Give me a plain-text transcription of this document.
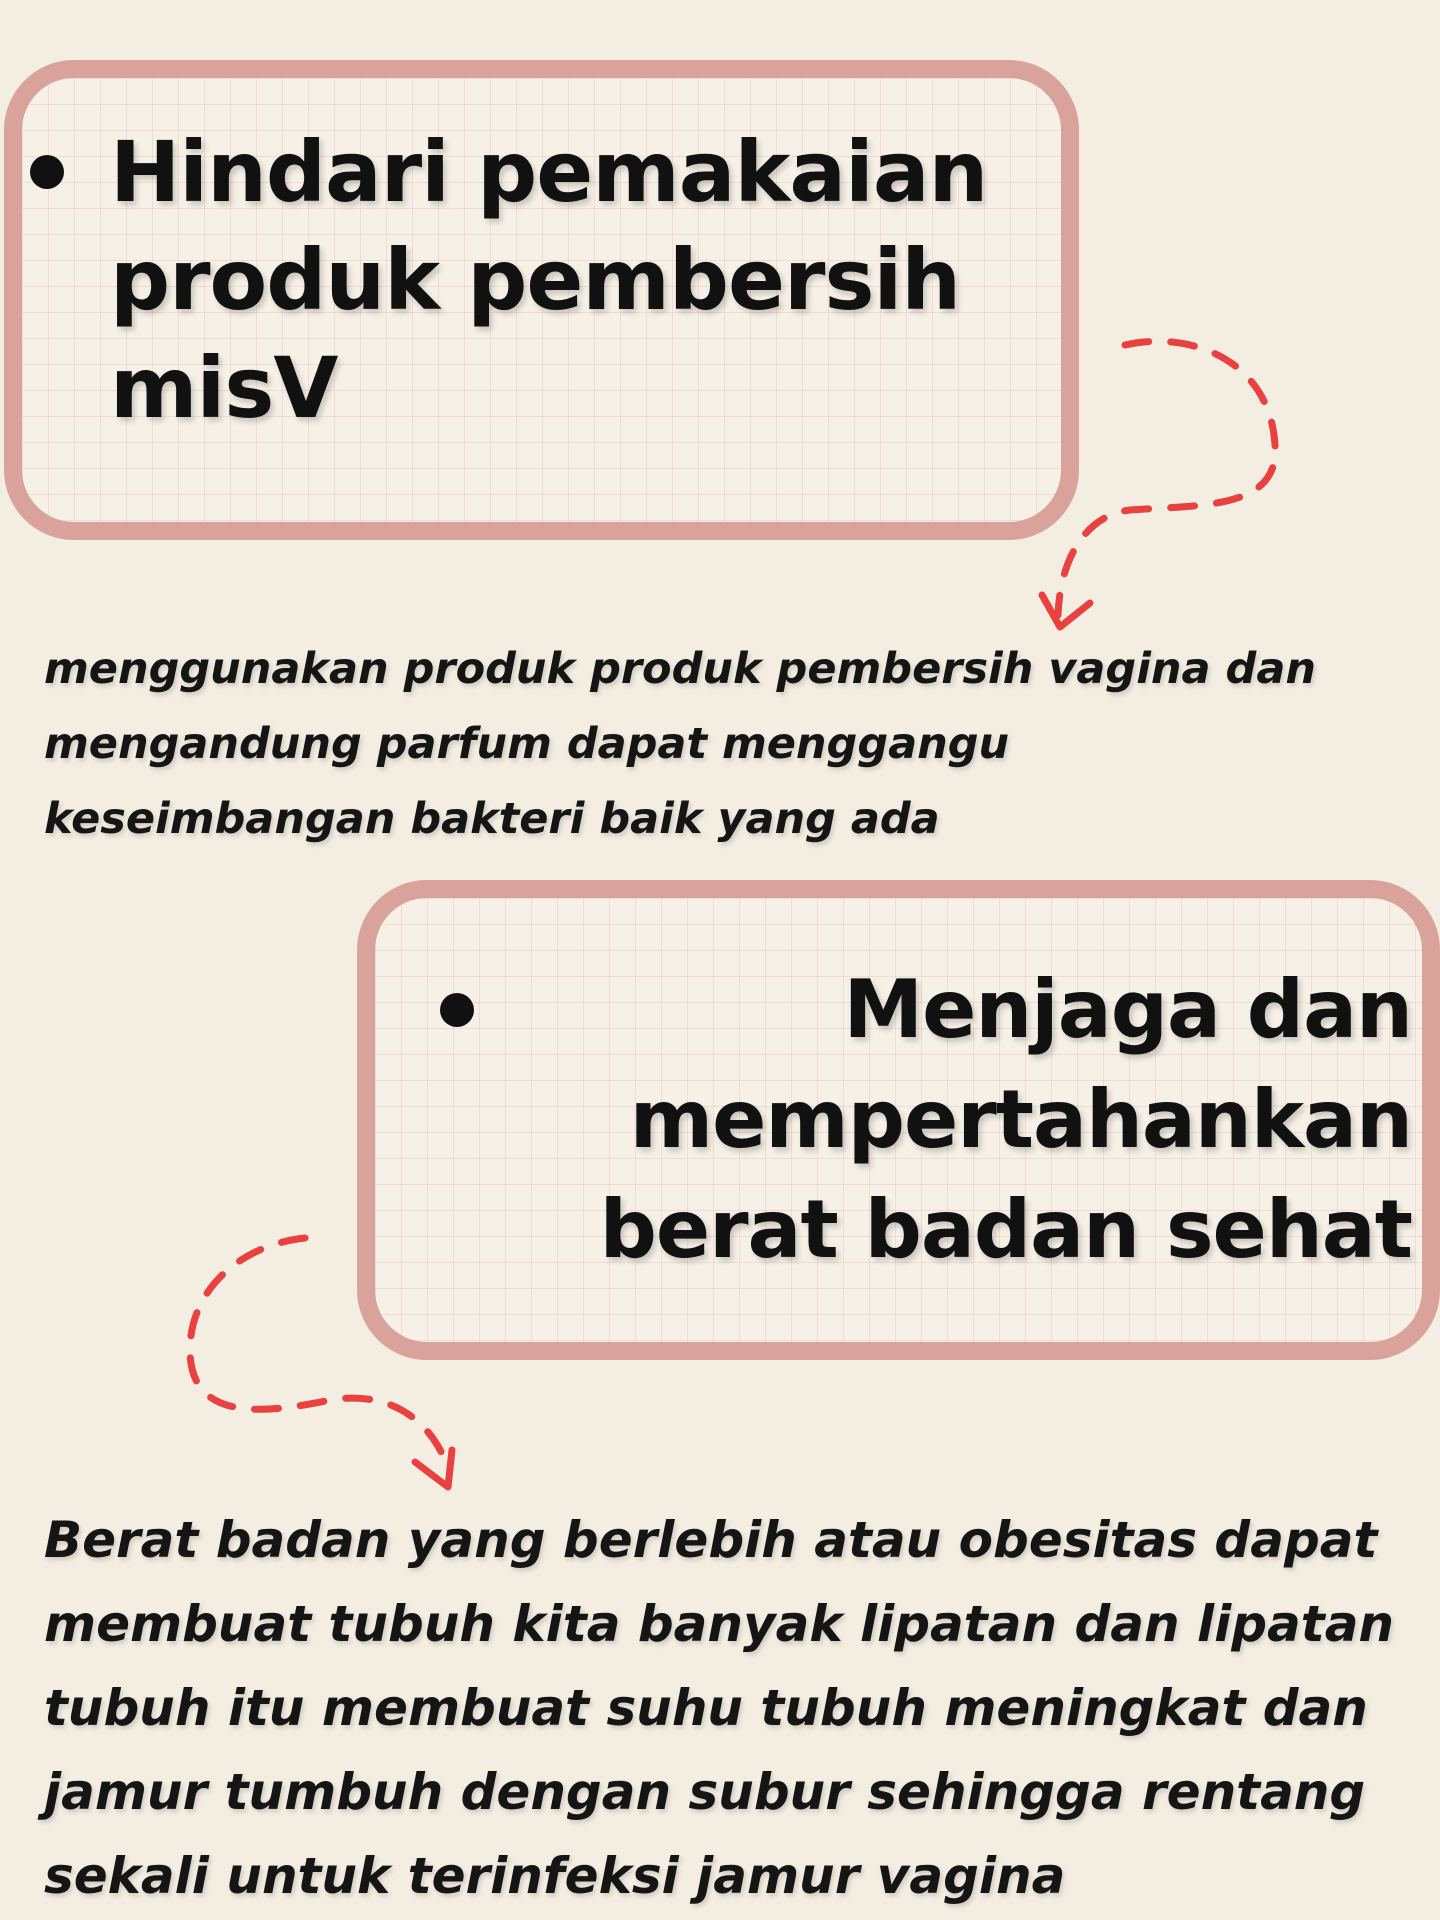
Hindari pemakaian produk pembersih misV

menggunakan produk produk pembersih vagina dan mengandung parfum dapat menggangu keseimbangan bakteri baik yang ada

Menjaga dan mempertahankan berat badan sehat

Berat badan yang berlebih atau obesitas dapat membuat tubuh kita banyak lipatan dan lipatan tubuh itu membuat suhu tubuh meningkat dan jamur tumbuh dengan subur sehingga rentang sekali untuk terinfeksi jamur vagina
